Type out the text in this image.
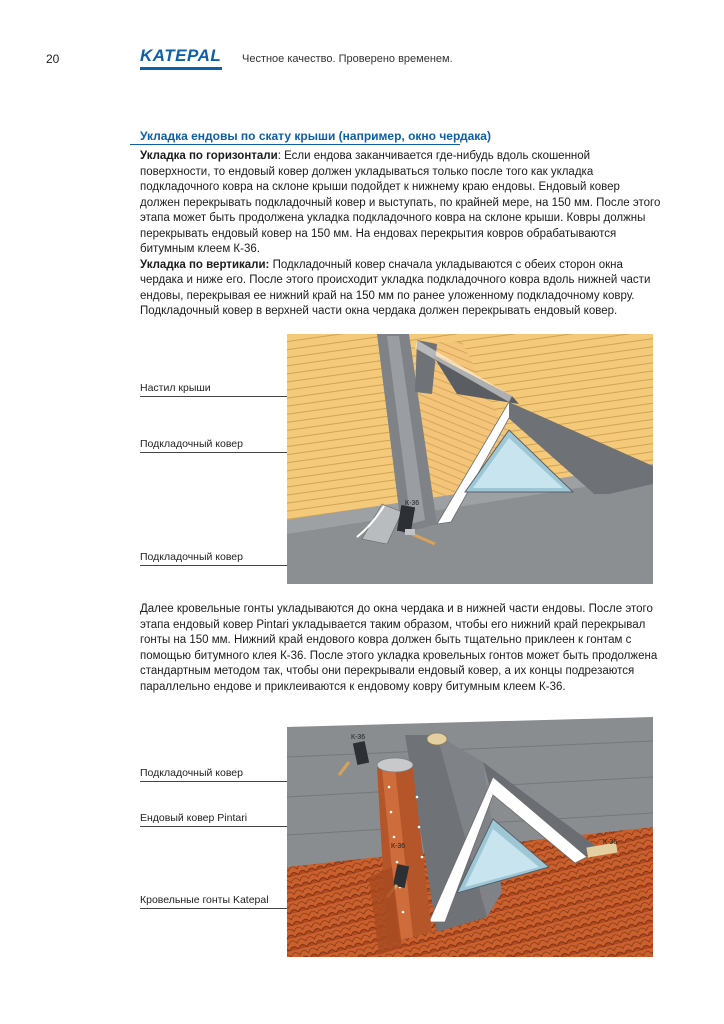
20	KATEPAL Честное качество. Проверено временем.
Укладка ендовы по скату крыши (например, окно чердака)

Укладка по горизонтали: Если ендова заканчивается где-нибудь вдоль скошенной поверхности, то ендовый ковер должен укладываться только после того как укладка подкладочного ковра на склоне крыши подойдет к нижнему краю ендовы. Ендовый ковер должен перекрывать подкладочный ковер и выступать, по крайней мере, на 150 мм. После этого этапа может быть продолжена укладка подкладочного ковра на склоне крыши. Ковры должны перекрывать ендовый ковер на 150 мм. На ендовах перекрытия ковров обрабатываются битумным клеем К-36.

Укладка по вертикали: Подкладочный ковер сначала укладываются с обеих сторон окна чердака и ниже его. После этого происходит укладка подкладочного ковра вдоль нижней части ендовы, перекрывая ее нижний край на 150 мм по ранее уложенному подкладочному ковру. Подкладочный ковер в верхней части окна чердака должен перекрывать ендовый ковер.

Настил крыши
Подкладочный ковер
Подкладочный ковер
К-36

Далее кровельные гонты укладываются до окна чердака и в нижней части ендовы. После этого этапа ендовый ковер Pintari укладывается таким образом, чтобы его нижний край перекрывал гонты на 150 мм. Нижний край ендового ковра должен быть тщательно приклеен к гонтам с помощью битумного клея К-36. После этого укладка кровельных гонтов может быть продолжена стандартным методом так, чтобы они перекрывали ендовый ковер, а их концы подрезаются параллельно ендове и приклеиваются к ендовому ковру битумным клеем К-36.

Подкладочный ковер
Ендовый ковер Pintari
Кровельные гонты Katepal
К-36
К-36
К-36
